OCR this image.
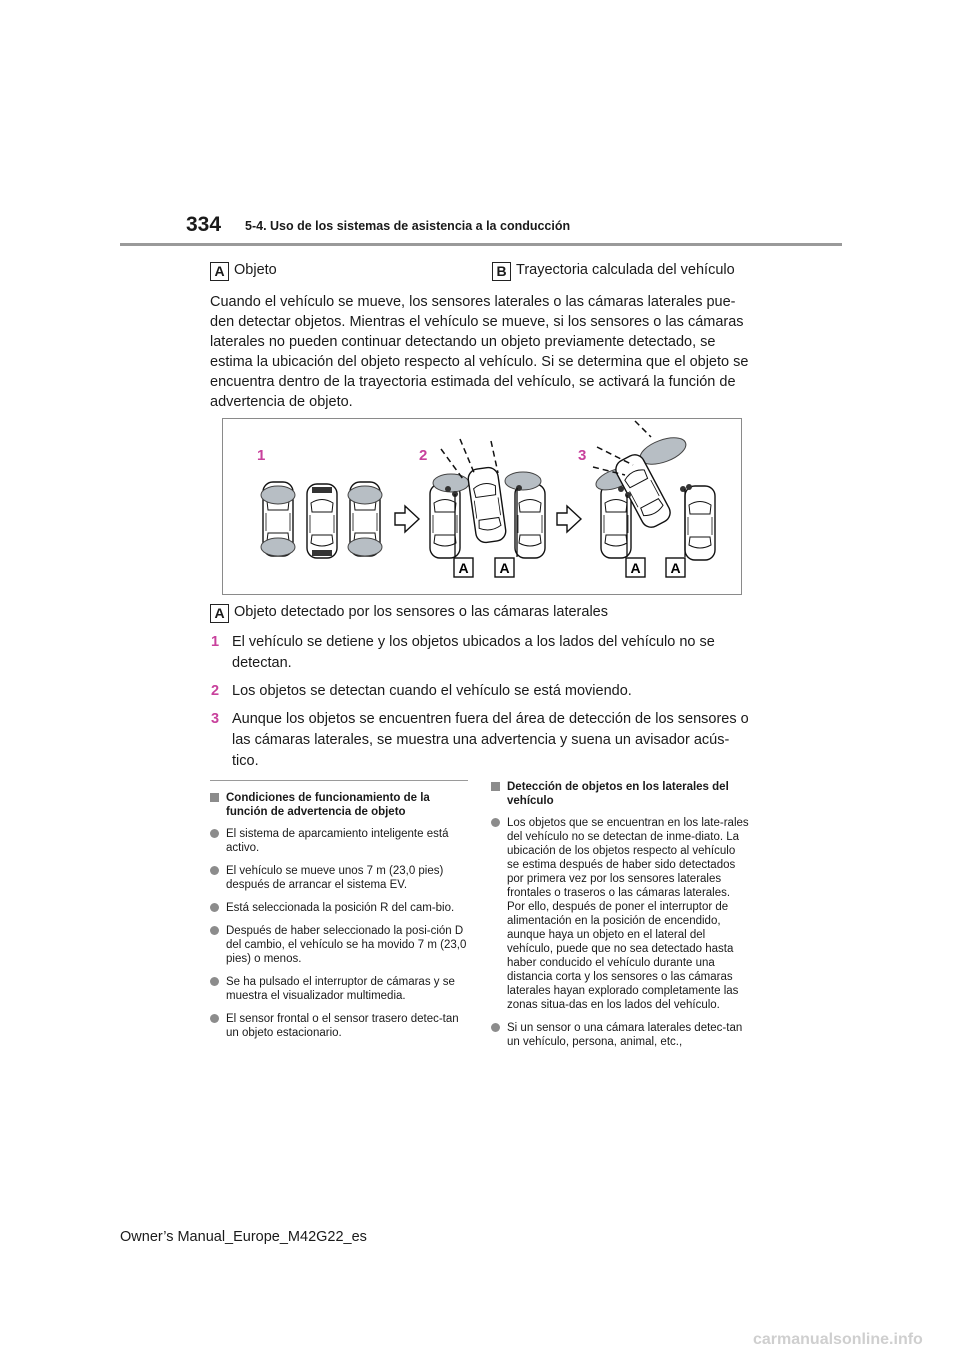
334 5-4. Uso de los sistemas de asistencia a la conducción
A Objeto	B Trayectoria calculada del vehículo
Cuando el vehículo se mueve, los sensores laterales o las cámaras laterales pue-den detectar objetos. Mientras el vehículo se mueve, si los sensores o las cámaras laterales no pueden continuar detectando un objeto previamente detectado, se estima la ubicación del objeto respecto al vehículo. Si se determina que el objeto se encuentra dentro de la trayectoria estimada del vehículo, se activará la función de advertencia de objeto.
1	2	3
A A	A A
A Objeto detectado por los sensores o las cámaras laterales
1 El vehículo se detiene y los objetos ubicados a los lados del vehículo no se detectan.
2 Los objetos se detectan cuando el vehículo se está moviendo.
3 Aunque los objetos se encuentren fuera del área de detección de los sensores o las cámaras laterales, se muestra una advertencia y suena un avisador acús-tico.
Condiciones de funcionamiento de la función de advertencia de objeto
El sistema de aparcamiento inteligente está activo.
El vehículo se mueve unos 7 m (23,0 pies) después de arrancar el sistema EV.
Está seleccionada la posición R del cam-bio.
Después de haber seleccionado la posi-ción D del cambio, el vehículo se ha movido 7 m (23,0 pies) o menos.
Se ha pulsado el interruptor de cámaras y se muestra el visualizador multimedia.
El sensor frontal o el sensor trasero detec-tan un objeto estacionario.
Detección de objetos en los laterales del vehículo
Los objetos que se encuentran en los late-rales del vehículo no se detectan de inme-diato. La ubicación de los objetos respecto al vehículo se estima después de haber sido detectados por primera vez por los sensores laterales frontales o traseros o las cámaras laterales. Por ello, después de poner el interruptor de alimentación en la posición de encendido, aunque haya un objeto en el lateral del vehículo, puede que no sea detectado hasta haber conducido el vehículo durante una distancia corta y los sensores o las cámaras laterales hayan explorado completamente las zonas situa-das en los lados del vehículo.
Si un sensor o una cámara laterales detec-tan un vehículo, persona, animal, etc.,
Owner’s Manual_Europe_M42G22_es
carmanualsonline.info
